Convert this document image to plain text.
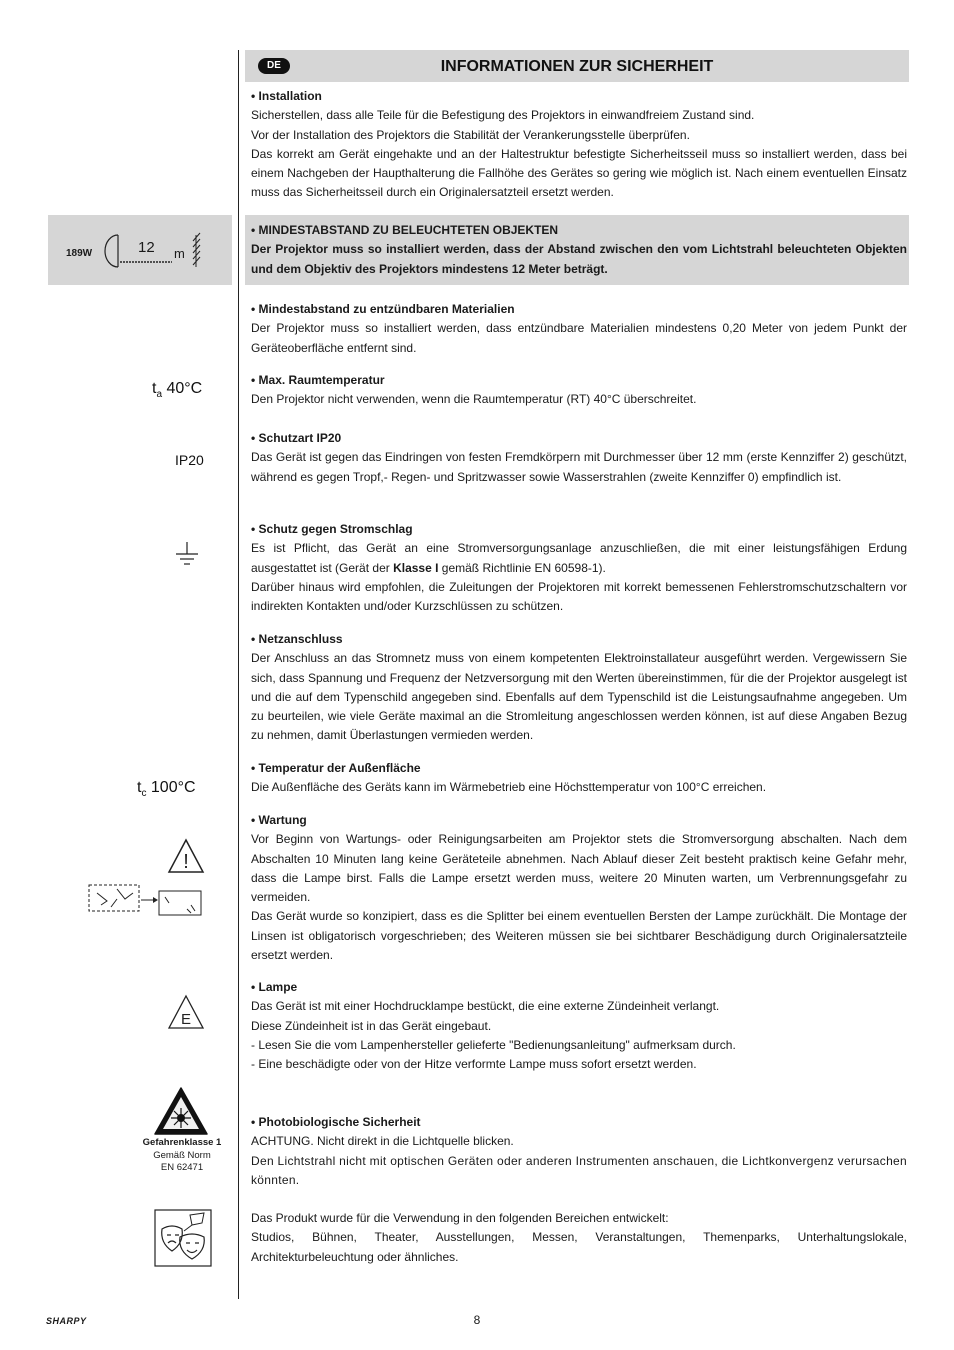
DE	INFORMATIONEN ZUR SICHERHEIT

• Installation

Sicherstellen, dass alle Teile für die Befestigung des Projektors in einwandfreiem Zustand sind.

Vor der Installation des Projektors die Stabilität der Verankerungsstelle überprüfen.

Das korrekt am Gerät eingehakte und an der Haltestruktur befestigte Sicherheitsseil muss so installiert werden, dass bei einem Nachgeben der Haupthalterung die Fallhöhe des Gerätes so gering wie möglich ist. Nach einem eventuellen Einsatz muss das Sicherheitsseil durch ein Originalersatzteil ersetzt werden.

189W	12 m

• MINDESTABSTAND ZU BELEUCHTETEN OBJEKTEN

Der Projektor muss so installiert werden, dass der Abstand zwischen den vom Lichtstrahl beleuchteten Objekten und dem Objektiv des Projektors mindestens 12 Meter beträgt.

• Mindestabstand zu entzündbaren Materialien

Der Projektor muss so installiert werden, dass entzündbare Materialien mindestens 0,20 Meter von jedem Punkt der Geräteoberfläche entfernt sind.

$t_a$ 40°C	• Max. Raumtemperatur

Den Projektor nicht verwenden, wenn die Raumtemperatur (RT) 40°C überschreitet.

IP20

• Schutzart IP20

Das Gerät ist gegen das Eindringen von festen Fremdkörpern mit Durchmesser über 12 mm (erste Kennziffer 2) geschützt, während es gegen Tropf,- Regen- und Spritzwasser sowie Wasserstrahlen (zweite Kennziffer 0) empfindlich ist.

• Schutz gegen Stromschlag

Es ist Pflicht, das Gerät an eine Stromversorgungsanlage anzuschließen, die mit einer leistungsfähigen Erdung ausgestattet ist (Gerät der Klasse I gemäß Richtlinie EN 60598-1).

Darüber hinaus wird empfohlen, die Zuleitungen der Projektoren mit korrekt bemessenen Fehlerstromschutzschaltern vor indirekten Kontakten und/oder Kurzschlüssen zu schützen.

• Netzanschluss

Der Anschluss an das Stromnetz muss von einem kompetenten Elektroinstallateur ausgeführt werden. Vergewissern Sie sich, dass Spannung und Frequenz der Netzversorgung mit den Werten übereinstimmen, für die der Projektor ausgelegt ist und die auf dem Typenschild angegeben sind. Ebenfalls auf dem Typenschild ist die Leistungsaufnahme angegeben. Um zu beurteilen, wie viele Geräte maximal an die Stromleitung angeschlossen werden können, ist auf diese Angaben Bezug zu nehmen, damit Überlastungen vermieden werden.

$t_c$ 100°C

• Temperatur der Außenfläche

Die Außenfläche des Geräts kann im Wärmebetrieb eine Höchsttemperatur von 100°C erreichen.

!

• Wartung

Vor Beginn von Wartungs- oder Reinigungsarbeiten am Projektor stets die Stromversorgung abschalten. Nach dem Abschalten 10 Minuten lang keine Geräteteile abnehmen. Nach Ablauf dieser Zeit besteht praktisch keine Gefahr mehr, dass die Lampe birst. Falls die Lampe ersetzt werden muss, weitere 20 Minuten warten, um Verbrennungsgefahr zu vermeiden.

Das Gerät wurde so konzipiert, dass es die Splitter bei einem eventuellen Bersten der Lampe zurückhält. Die Montage der Linsen ist obligatorisch vorgeschrieben; des Weiteren müssen sie bei sichtbarer Beschädigung durch Originalersatzteile ersetzt werden.

E

• Lampe

Das Gerät ist mit einer Hochdrucklampe bestückt, die eine externe Zündeinheit verlangt.

Diese Zündeinheit ist in das Gerät eingebaut.

- Lesen Sie die vom Lampenhersteller gelieferte "Bedienungsanleitung" aufmerksam durch.

- Eine beschädigte oder von der Hitze verformte Lampe muss sofort ersetzt werden.

Gefahrenklasse 1
Gemäß Norm
EN 62471

• Photobiologische Sicherheit

ACHTUNG. Nicht direkt in die Lichtquelle blicken.

Den Lichtstrahl nicht mit optischen Geräten oder anderen Instrumenten anschauen, die Lichtkonvergenz verursachen könnten.

Das Produkt wurde für die Verwendung in den folgenden Bereichen entwickelt:

Studios, Bühnen, Theater, Ausstellungen, Messen, Veranstaltungen, Themenparks, Unterhaltungslokale, Architekturbeleuchtung oder ähnliches.

SHARPY	8
